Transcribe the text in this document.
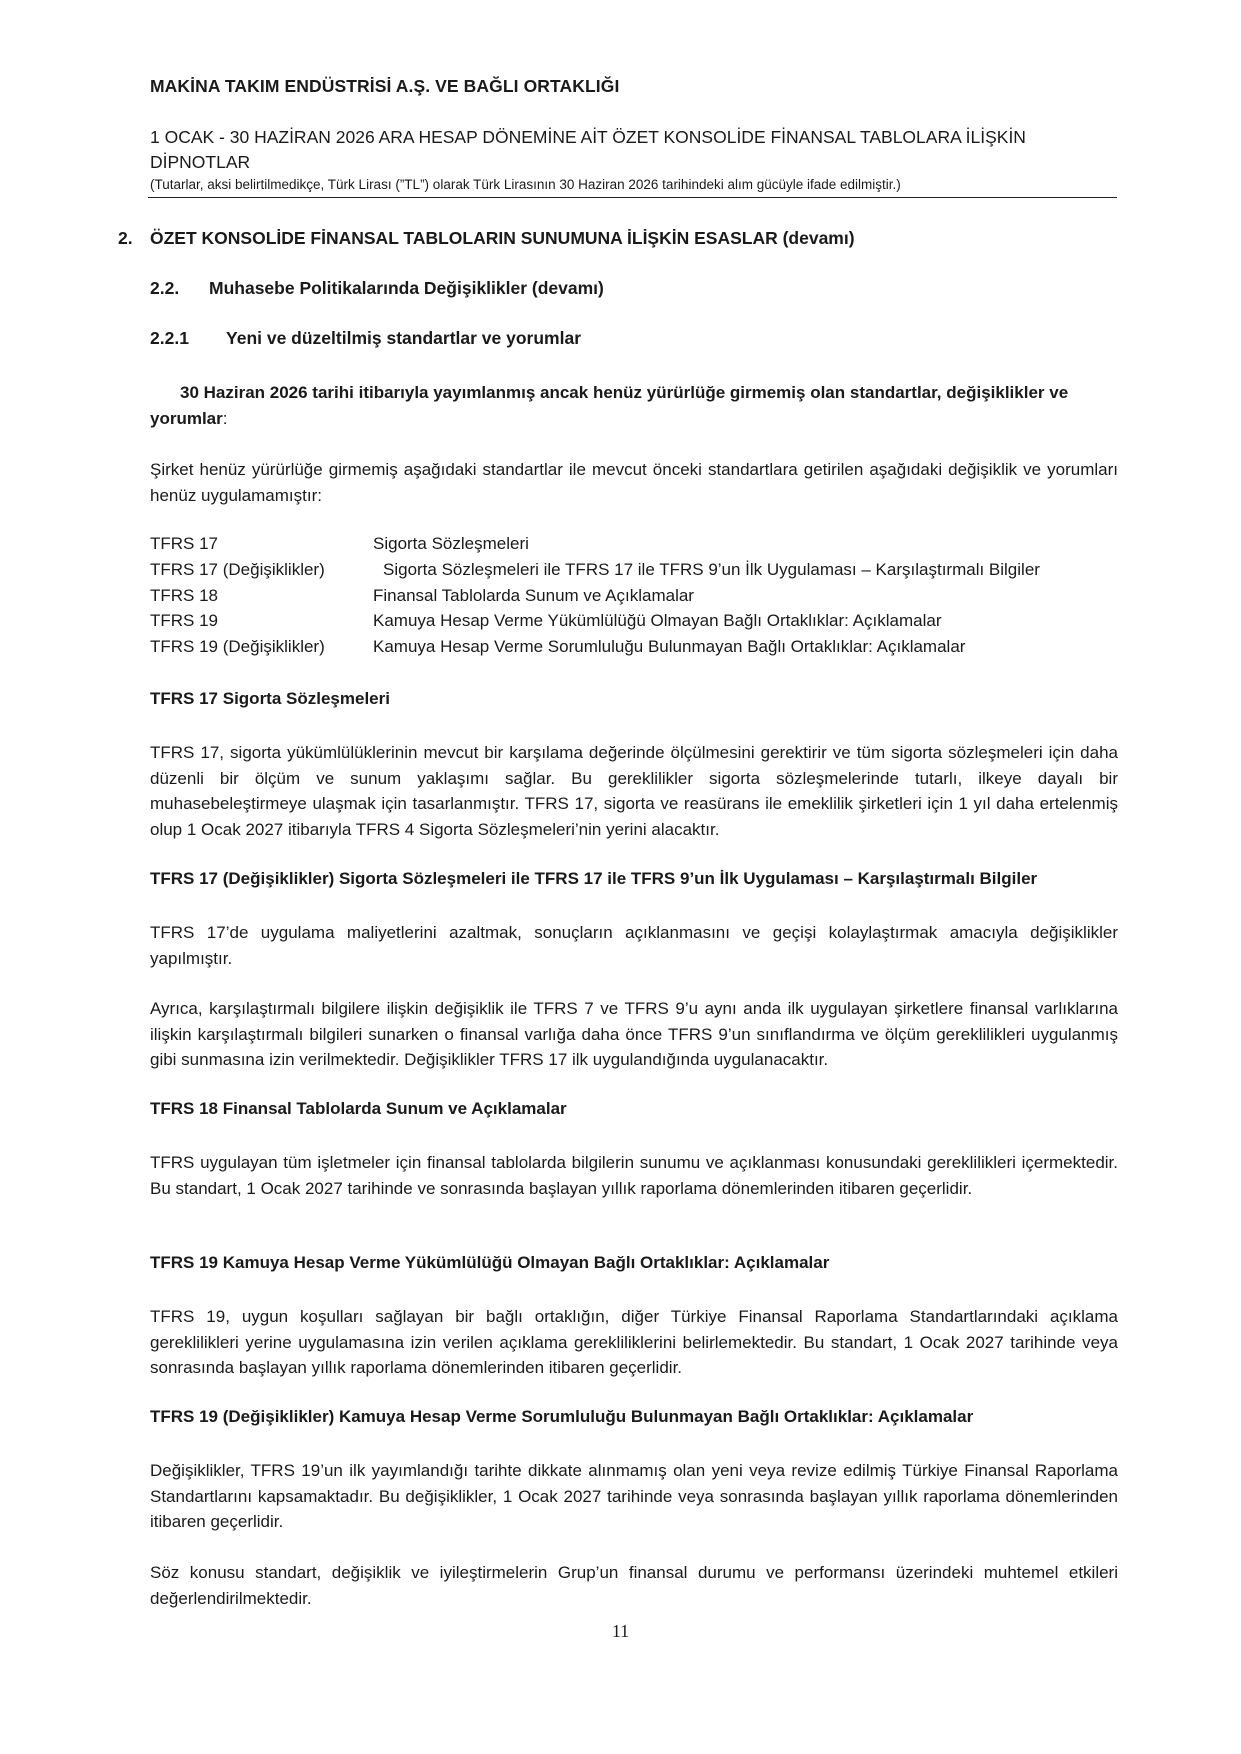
MAKİNA TAKIM ENDÜSTRİSİ A.Ş. VE BAĞLI ORTAKLIĞI
1 OCAK - 30 HAZİRAN 2026 ARA HESAP DÖNEMİNE AİT ÖZET KONSOLİDE FİNANSAL TABLOLARA İLİŞKİN
DİPNOTLAR
(Tutarlar, aksi belirtilmedikçe, Türk Lirası (”TL”) olarak Türk Lirasının 30 Haziran 2026 tarihindeki alım gücüyle ifade edilmiştir.)
2. ÖZET KONSOLİDE FİNANSAL TABLOLARIN SUNUMUNA İLİŞKİN ESASLAR (devamı)
2.2. Muhasebe Politikalarında Değişiklikler (devamı)
2.2.1 Yeni ve düzeltilmiş standartlar ve yorumlar
30 Haziran 2026 tarihi itibarıyla yayımlanmış ancak henüz yürürlüğe girmemiş olan standartlar, değişiklikler ve
yorumlar:
Şirket henüz yürürlüğe girmemiş aşağıdaki standartlar ile mevcut önceki standartlara getirilen aşağıdaki değişiklik ve yorumları henüz uygulamamıştır:
TFRS 17	Sigorta Sözleşmeleri
TFRS 17 (Değişiklikler)	Sigorta Sözleşmeleri ile TFRS 17 ile TFRS 9’un İlk Uygulaması – Karşılaştırmalı Bilgiler
TFRS 18	Finansal Tablolarda Sunum ve Açıklamalar
TFRS 19	Kamuya Hesap Verme Yükümlülüğü Olmayan Bağlı Ortaklıklar: Açıklamalar
TFRS 19 (Değişiklikler)	Kamuya Hesap Verme Sorumluluğu Bulunmayan Bağlı Ortaklıklar: Açıklamalar
TFRS 17 Sigorta Sözleşmeleri
TFRS 17, sigorta yükümlülüklerinin mevcut bir karşılama değerinde ölçülmesini gerektirir ve tüm sigorta sözleşmeleri için daha düzenli bir ölçüm ve sunum yaklaşımı sağlar. Bu gereklilikler sigorta sözleşmelerinde tutarlı, ilkeye dayalı bir muhasebeleştirmeye ulaşmak için tasarlanmıştır. TFRS 17, sigorta ve reasürans ile emeklilik şirketleri için 1 yıl daha ertelenmiş olup 1 Ocak 2027 itibarıyla TFRS 4 Sigorta Sözleşmeleri’nin yerini alacaktır.
TFRS 17 (Değişiklikler) Sigorta Sözleşmeleri ile TFRS 17 ile TFRS 9’un İlk Uygulaması – Karşılaştırmalı Bilgiler
TFRS 17’de uygulama maliyetlerini azaltmak, sonuçların açıklanmasını ve geçişi kolaylaştırmak amacıyla değişiklikler yapılmıştır.
Ayrıca, karşılaştırmalı bilgilere ilişkin değişiklik ile TFRS 7 ve TFRS 9’u aynı anda ilk uygulayan şirketlere finansal varlıklarına ilişkin karşılaştırmalı bilgileri sunarken o finansal varlığa daha önce TFRS 9’un sınıflandırma ve ölçüm gereklilikleri uygulanmış gibi sunmasına izin verilmektedir. Değişiklikler TFRS 17 ilk uygulandığında uygulanacaktır.
TFRS 18 Finansal Tablolarda Sunum ve Açıklamalar
TFRS uygulayan tüm işletmeler için finansal tablolarda bilgilerin sunumu ve açıklanması konusundaki gereklilikleri içermektedir. Bu standart, 1 Ocak 2027 tarihinde ve sonrasında başlayan yıllık raporlama dönemlerinden itibaren geçerlidir.
TFRS 19 Kamuya Hesap Verme Yükümlülüğü Olmayan Bağlı Ortaklıklar: Açıklamalar
TFRS 19, uygun koşulları sağlayan bir bağlı ortaklığın, diğer Türkiye Finansal Raporlama Standartlarındaki açıklama gereklilikleri yerine uygulamasına izin verilen açıklama gerekliliklerini belirlemektedir. Bu standart, 1 Ocak 2027 tarihinde veya sonrasında başlayan yıllık raporlama dönemlerinden itibaren geçerlidir.
TFRS 19 (Değişiklikler) Kamuya Hesap Verme Sorumluluğu Bulunmayan Bağlı Ortaklıklar: Açıklamalar
Değişiklikler, TFRS 19’un ilk yayımlandığı tarihte dikkate alınmamış olan yeni veya revize edilmiş Türkiye Finansal Raporlama Standartlarını kapsamaktadır. Bu değişiklikler, 1 Ocak 2027 tarihinde veya sonrasında başlayan yıllık raporlama dönemlerinden itibaren geçerlidir.
Söz konusu standart, değişiklik ve iyileştirmelerin Grup’un finansal durumu ve performansı üzerindeki muhtemel etkileri değerlendirilmektedir.
11
